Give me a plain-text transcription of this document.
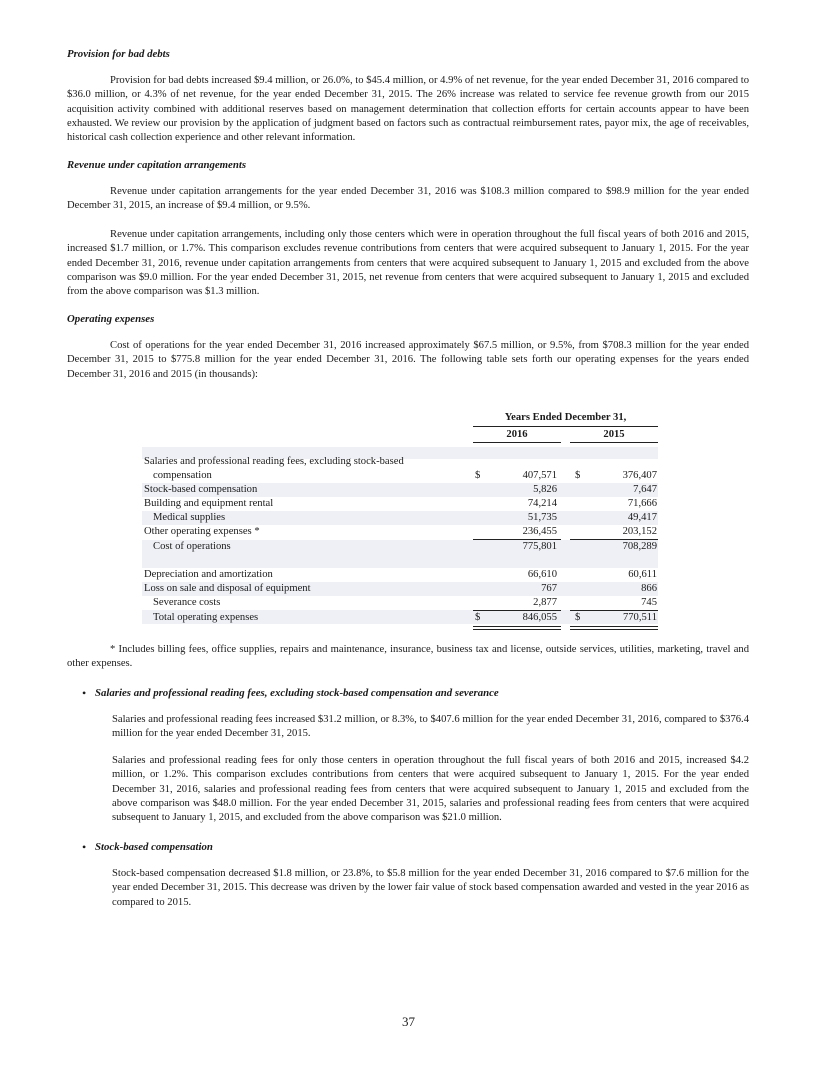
Provision for bad debts

Provision for bad debts increased $9.4 million, or 26.0%, to $45.4 million, or 4.9% of net revenue, for the year ended December 31, 2016 compared to $36.0 million, or 4.3% of net revenue, for the year ended December 31, 2015. The 26% increase was related to service fee revenue growth from our 2015 acquisition activity combined with additional reserves based on management determination that collection efforts for certain accounts appear to have been exhausted. We review our provision by the application of judgment based on factors such as contractual reimbursement rates, payor mix, the age of receivables, historical cash collection experience and other relevant information.

Revenue under capitation arrangements

Revenue under capitation arrangements for the year ended December 31, 2016 was $108.3 million compared to $98.9 million for the year ended December 31, 2015, an increase of $9.4 million, or 9.5%.

Revenue under capitation arrangements, including only those centers which were in operation throughout the full fiscal years of both 2016 and 2015, increased $1.7 million, or 1.7%. This comparison excludes revenue contributions from centers that were acquired subsequent to January 1, 2015. For the year ended December 31, 2016, revenue under capitation arrangements from centers that were acquired subsequent to January 1, 2015 and excluded from the above comparison was $9.0 million. For the year ended December 31, 2015, net revenue from centers that were acquired subsequent to January 1, 2015 and excluded from the above comparison was $1.3 million.

Operating expenses

Cost of operations for the year ended December 31, 2016 increased approximately $67.5 million, or 9.5%, from $708.3 million for the year ended December 31, 2015 to $775.8 million for the year ended December 31, 2016. The following table sets forth our operating expenses for the years ended December 31, 2016 and 2015 (in thousands):

Years Ended December 31,
2016	2015
Salaries and professional reading fees, excluding stock-based
compensation	$	407,571 $	376,407
Stock-based compensation	5,826	7,647
Building and equipment rental	74,214	71,666
Medical supplies	51,735	49,417
Other operating expenses *	236,455	203,152
Cost of operations	775,801	708,289
Depreciation and amortization	66,610	60,611
Loss on sale and disposal of equipment	767	866
Severance costs	2,877	745
Total operating expenses	$	846,055 $	770,511

* Includes billing fees, office supplies, repairs and maintenance, insurance, business tax and license, outside services, utilities, marketing, travel and other expenses.

• Salaries and professional reading fees, excluding stock-based compensation and severance

Salaries and professional reading fees increased $31.2 million, or 8.3%, to $407.6 million for the year ended December 31, 2016, compared to $376.4 million for the year ended December 31, 2015.

Salaries and professional reading fees for only those centers in operation throughout the full fiscal years of both 2016 and 2015, increased $4.2 million, or 1.2%. This comparison excludes contributions from centers that were acquired subsequent to January 1, 2015. For the year ended December 31, 2016, salaries and professional reading fees from centers that were acquired subsequent to January 1, 2015 and excluded from the above comparison was $48.0 million. For the year ended December 31, 2015, salaries and professional reading fees from centers that were acquired subsequent to January 1, 2015, and excluded from the above comparison was $21.0 million.

• Stock-based compensation

Stock-based compensation decreased $1.8 million, or 23.8%, to $5.8 million for the year ended December 31, 2016 compared to $7.6 million for the year ended December 31, 2015. This decrease was driven by the lower fair value of stock based compensation awarded and vested in the year 2016 as compared to 2015.

37
